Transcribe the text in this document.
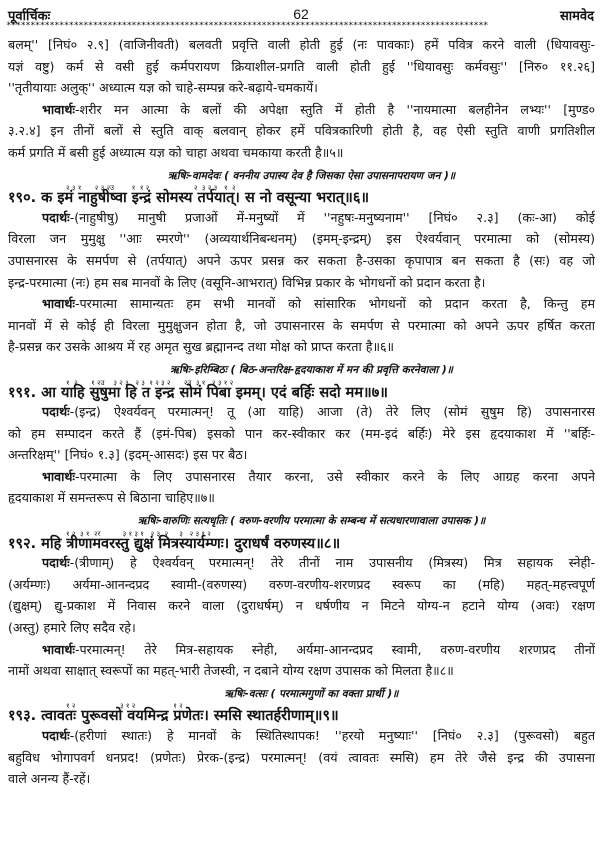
पूर्वार्चिकः	62	सामवेद
****************************************************************************************************
बलम्'' [निघं० २.९] (वाजिनीवती) बलवती प्रवृत्ति वाली होती हुई (नः पावकाः) हमें पवित्र करने वाली (धियावसुः-
यज्ञं वष्टु) कर्म से वसी हुई कर्मपरायण क्रियाशील-प्रगति वाली होती हुई ''धियावसुः कर्मवसुः'' [निरु० ११.२६]
''तृतीयायाः अलुक्'' अध्यात्म यज्ञ को चाहे-सम्पन्न करे-बढ़ाये-चमकायें।
भावार्थः-शरीर मन आत्मा के बलों की अपेक्षा स्तुति में होती है ''नायमात्मा बलहीनेन लभ्यः'' [मुण्ड०
३.२.४] इन तीनों बलों से स्तुति वाक् बलवान् होकर हमें पवित्रकारिणी होती है, वह ऐसी स्तुति वाणी प्रगतिशील
कर्म प्रगति में बसी हुई अध्यात्म यज्ञ को चाहा अथवा चमकाया करती है॥५॥
ऋषिः-वामदेवः ( वननीय उपास्य देव है जिसका ऐसा उपासनापरायण जन )॥
२ ३ १      २ ३ २उ        १  १ २                    २  ३ २ ३   १  २
१९०. क इमं नाहुषीष्वा इन्द्रं सोमस्य तर्पयात्। स नो वसून्या भरात्॥६॥
पदार्थः-(नाहुषीषु) मानुषी प्रजाओं में-मनुष्यों में ''नहुषः-मनुष्यनाम'' [निघं० २.३] (कः-आ) कोई
विरला जन मुमुक्षु ''आः स्मरणे'' (अव्ययार्थनिबन्धनम्) (इमम्-इन्द्रम्) इस ऐश्वर्यवान् परमात्मा को (सोमस्य)
उपासनारस के समर्पण से (तर्पयात्) अपने ऊपर प्रसन्न कर सकता है-उसका कृपापात्र बन सकता है (सः) वह जो
इन्द्र-परमात्मा (नः) हम सब मानवों के लिए (वसूनि-आभरात्) विभिन्न प्रकार के भोगधनों को प्रदान करता है।
भावार्थः-परमात्मा सामान्यतः हम सभी मानवों को सांसारिक भोगधनों को प्रदान करता है, किन्तु हम
मानवों में से कोई ही विरला मुमुक्षुजन होता है, जो उपासनारस के समर्पण से परमात्मा को अपने ऊपर हर्षित करता
है-प्रसन्न कर उसके आश्रय में रह अमृत सुख ब्रह्मानन्द तथा मोक्ष को प्राप्त करता है॥६॥
ऋषिः-इरिम्बिठः ( बिठ-अन्तरिक्ष-हृदयाकाश में मन की प्रवृत्ति करनेवाला )॥
१  २      १ २उ    ३ २ ३   २ ३  १ २ ३ २      २उ  ३ १   २ ३ १ २
१९१. आ याहि सुषुमा हि त इन्द्र सोमं पिबा इमम्। एदं बर्हिः सदो मम॥७॥
पदार्थः-(इन्द्र) ऐश्वर्यवन् परमात्मन्! तू (आ याहि) आजा (ते) तेरे लिए (सोमं सुषुम हि) उपासनारस
को हम सम्पादन करते हैं (इमं-पिब) इसको पान कर-स्वीकार कर (मम-इदं बर्हिः) मेरे इस हृदयाकाश में ''बर्हिः-
अन्तरिक्षम्'' [निघं० १.३] (इदम्-आसदः) इस पर बैठ।
भावार्थः-परमात्मा के लिए उपासनारस तैयार करना, उसे स्वीकार करने के लिए आग्रह करना अपने
हृदयाकाश में समन्तरूप से बिठाना चाहिए॥७॥
ऋषिः-वारुणिः सत्यधृतिः ( वरुण-वरणीय परमात्मा के सम्बन्ध में सत्यधारणावाला उपासक )॥
१ २  ३ १  २र          ३ १ ३ १   २ ३  २     ३   २ ३ १ २
१९२. महि त्रीणामवरस्तु द्युक्षं मित्रस्यार्यम्णः। दुराधर्षं वरुणस्य॥८॥
पदार्थः-(त्रीणाम्) हे ऐश्वर्यवन् परमात्मन्! तेरे तीनों नाम उपासनीय (मित्रस्य) मित्र सहायक स्नेही-
(अर्यम्णः) अर्यमा-आनन्दप्रद स्वामी-(वरुणस्य) वरुण-वरणीय-शरणप्रद स्वरूप का (महि) महत्-महत्त्वपूर्ण
(द्युक्षम्) द्यु-प्रकाश में निवास करने वाला (दुराधर्षम्) न धर्षणीय न मिटने योग्य-न हटाने योग्य (अवः) रक्षण
(अस्तु) हमारे लिए सदैव रहे।
भावार्थः-परमात्मन्! तेरे मित्र-सहायक स्नेही, अर्यमा-आनन्दप्रद स्वामी, वरुण-वरणीय शरणप्रद तीनों
नामों अथवा साक्षात् स्वरूपों का महत्-भारी तेजस्वी, न दबाने योग्य रक्षण उपासक को मिलता है॥८॥
ऋषिः-वत्सः ( परमात्मगुणों का वक्ता प्रार्थी )॥
१ २                    ३ १ २                 १ २
१९३. त्वावतः पुरूवसो वयमिन्द्र प्रणेतः। स्मसि स्थातर्हरीणाम्॥९॥
पदार्थः-(हरीणां स्थातः) हे मानवों के स्थितिस्थापक! ''हरयो मनुष्याः'' [निघं० २.३] (पुरूवसो) बहुत
बहुविध भोगापवर्ग धनप्रद! (प्रणेतः) प्रेरक-(इन्द्र) परमात्मन्! (वयं त्वावतः स्मसि) हम तेरे जैसे इन्द्र की उपासना
वाले अनन्य हैं-रहें।
